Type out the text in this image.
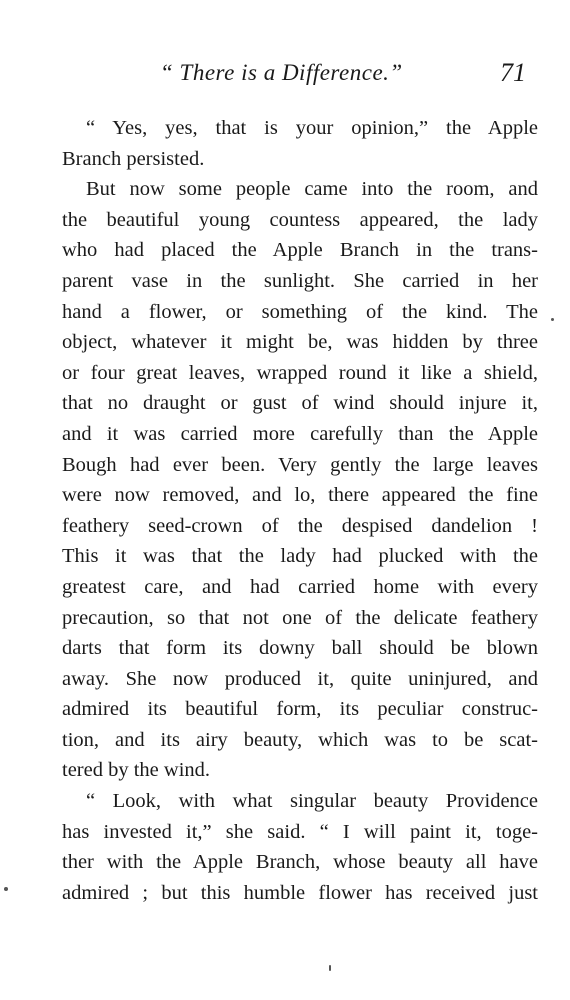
“ There is a Difference.”	71
“ Yes, yes, that is your opinion,” the Apple
Branch persisted.
But now some people came into the room, and
the beautiful young countess appeared, the lady
who had placed the Apple Branch in the trans-
parent vase in the sunlight. She carried in her
hand a flower, or something of the kind. The
object, whatever it might be, was hidden by three
or four great leaves, wrapped round it like a shield,
that no draught or gust of wind should injure it,
and it was carried more carefully than the Apple
Bough had ever been. Very gently the large leaves
were now removed, and lo, there appeared the fine
feathery seed-crown of the despised dandelion !
This it was that the lady had plucked with the
greatest care, and had carried home with every
precaution, so that not one of the delicate feathery
darts that form its downy ball should be blown
away. She now produced it, quite uninjured, and
admired its beautiful form, its peculiar construc-
tion, and its airy beauty, which was to be scat-
tered by the wind.
“ Look, with what singular beauty Providence
has invested it,” she said. “ I will paint it, toge-
ther with the Apple Branch, whose beauty all have
admired ; but this humble flower has received just
